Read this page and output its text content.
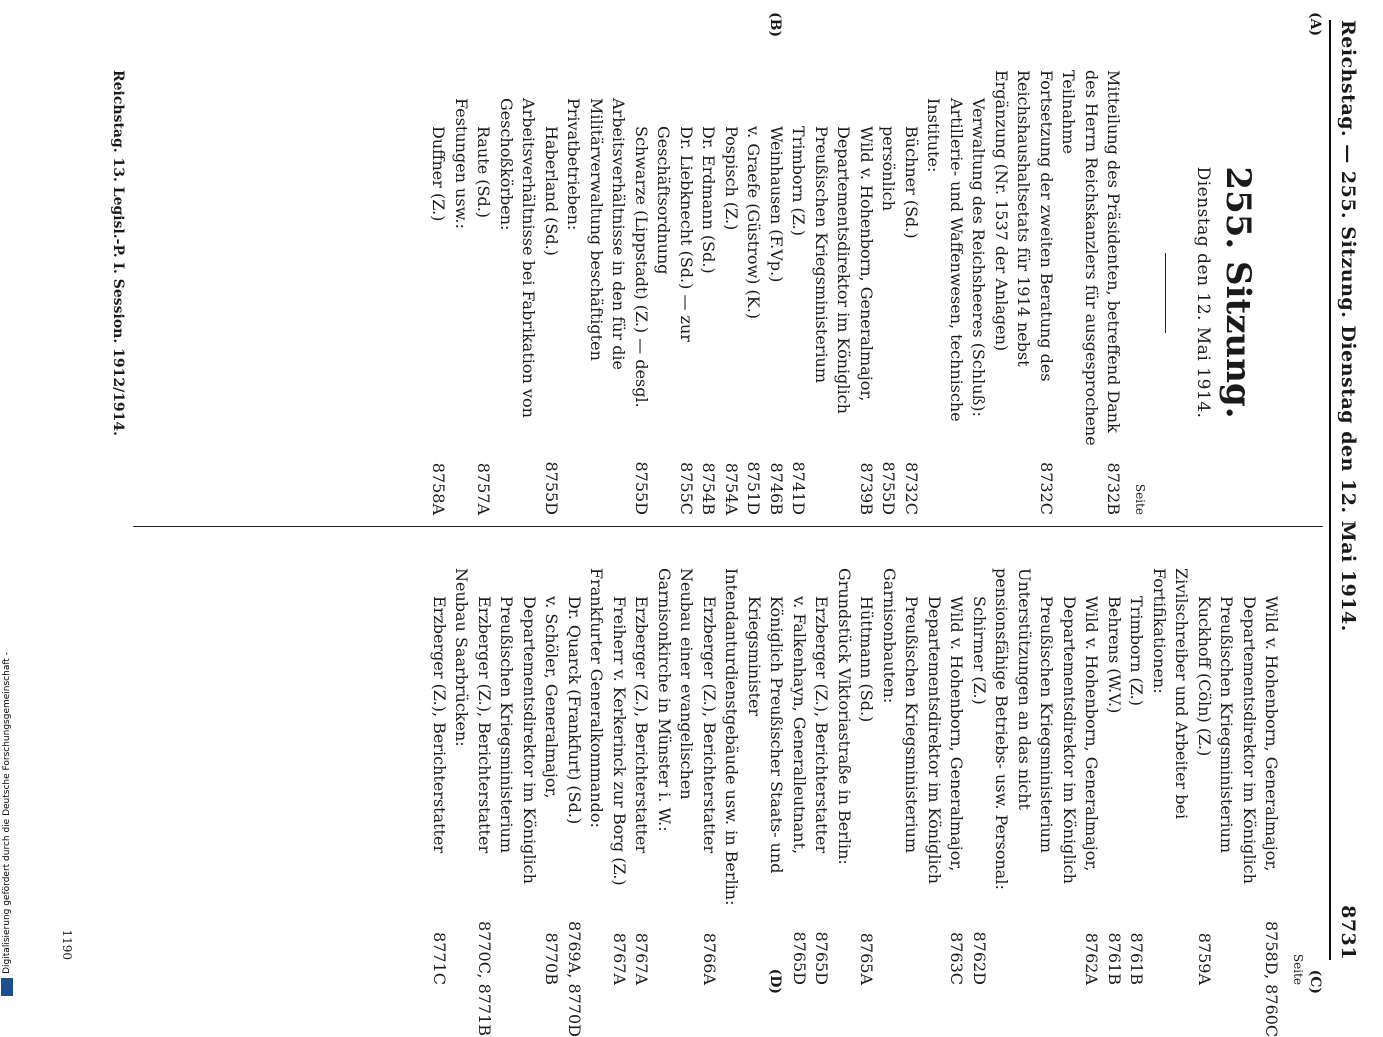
Digitalisierung gefördert durch die Deutsche Forschungsgemeinschaft -
Reichstag. — 255. Sitzung. Dienstag den 12. Mai 1914.
8731
(A)
(B)
(C)
(D)
255. Sitzung.
Dienstag den 12. Mai 1914.
Seite
Mitteilung des Präsidenten, betreffend Dank des Herrn Reichskanzlers für ausgesprochene Teilnahme
8732B
Fortsetzung der zweiten Beratung des Reichshaushaltsetats für 1914 nebst Ergänzung (Nr. 1537 der Anlagen)
8732C
Verwaltung des Reichsheeres (Schluß):
Artillerie- und Waffenwesen, technische Institute:
Büchner (Sd.)
8732C
persönlich
8755D
Wild v. Hohenborn, Generalmajor, Departementsdirektor im Königlich Preußischen Kriegsministerium
8739B
Trimborn (Z.)
8741D
Weinhausen (F.Vp.)
8746B
v. Graefe (Güstrow) (K.)
8751D
Pospisch (Z.)
8754A
Dr. Erdmann (Sd.)
8754B
Dr. Liebknecht (Sd.) — zur Geschäftsordnung
8755C
Schwarze (Lippstadt) (Z.) — desgl.
8755D
Arbeitsverhältnisse in den für die Militärverwaltung beschäftigten Privatbetrieben:
Haberland (Sd.)
8755D
Arbeitsverhältnisse bei Fabrikation von Geschoßkörben:
Raute (Sd.)
8757A
Festungen usw.:
Duffner (Z.)
8758A
Seite
Wild v. Hohenborn, Generalmajor, Departementsdirektor im Königlich Preußischen Kriegsministerium
8758D, 8760C
Kuckhoff (Cöln) (Z.)
8759A
Zivilschreiber und Arbeiter bei Fortifikationen:
Trimborn (Z.)
8761B
Behrens (W.V.)
8761B
Wild v. Hohenborn, Generalmajor, Departementsdirektor im Königlich Preußischen Kriegsministerium
8762A
Unterstützungen an das nicht pensionsfähige Betriebs- usw. Personal:
Schirmer (Z.)
8762D
Wild v. Hohenborn, Generalmajor, Departementsdirektor im Königlich Preußischen Kriegsministerium
8763C
Garnisonbauten:
Hüttmann (Sd.)
8765A
Grundstück Viktoriastraße in Berlin:
Erzberger (Z.), Berichterstatter
8765D
v. Falkenhayn, Generalleutnant, Königlich Preußischer Staats- und Kriegsminister
8765D
Intendanturdienstgebäude usw. in Berlin:
Erzberger (Z.), Berichterstatter
8766A
Neubau einer evangelischen Garnisonkirche in Münster i. W.:
Erzberger (Z.), Berichterstatter
8767A
Freiherr v. Kerkerinck zur Borg (Z.)
8767A
Frankfurter Generalkommando:
Dr. Quarck (Frankfurt) (Sd.)
8769A, 8770D
v. Schöler, Generalmajor, Departementsdirektor im Königlich Preußischen Kriegsministerium
8770B
Erzberger (Z.), Berichterstatter
8770C, 8771B
Neubau Saarbrücken:
Erzberger (Z.), Berichterstatter
8771C
Reichstag. 13. Legisl.-P. I. Session. 1912/1914.
1190
